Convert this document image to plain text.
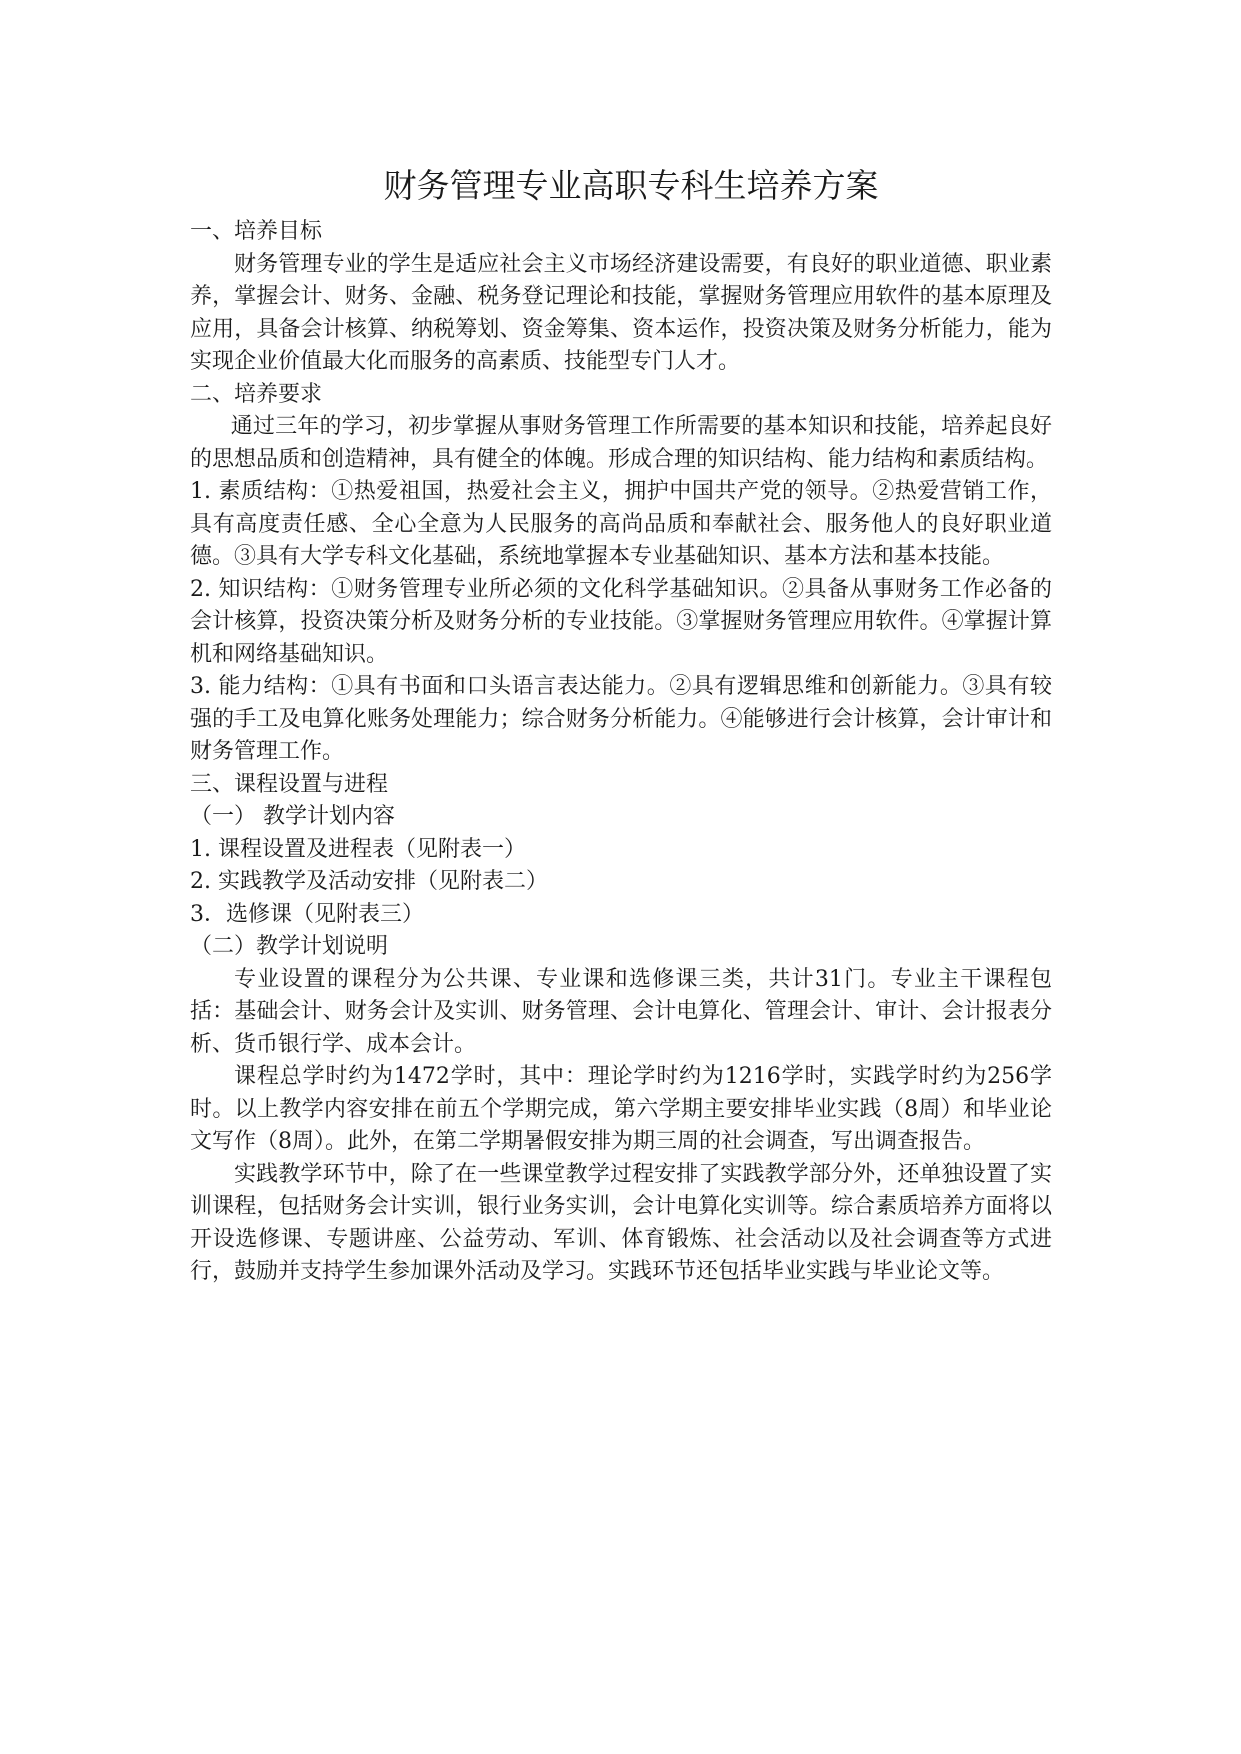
财务管理专业高职专科生培养方案

一、培养目标

财务管理专业的学生是适应社会主义市场经济建设需要，有良好的职业道德、职业素养，掌握会计、财务、金融、税务登记理论和技能，掌握财务管理应用软件的基本原理及应用，具备会计核算、纳税筹划、资金筹集、资本运作，投资决策及财务分析能力，能为实现企业价值最大化而服务的高素质、技能型专门人才。

二、培养要求

通过三年的学习，初步掌握从事财务管理工作所需要的基本知识和技能，培养起良好的思想品质和创造精神，具有健全的体魄。形成合理的知识结构、能力结构和素质结构。

1. 素质结构：①热爱祖国，热爱社会主义，拥护中国共产党的领导。②热爱营销工作，具有高度责任感、全心全意为人民服务的高尚品质和奉献社会、服务他人的良好职业道德。③具有大学专科文化基础，系统地掌握本专业基础知识、基本方法和基本技能。

2. 知识结构：①财务管理专业所必须的文化科学基础知识。②具备从事财务工作必备的会计核算，投资决策分析及财务分析的专业技能。③掌握财务管理应用软件。④掌握计算机和网络基础知识。

3. 能力结构：①具有书面和口头语言表达能力。②具有逻辑思维和创新能力。③具有较强的手工及电算化账务处理能力；综合财务分析能力。④能够进行会计核算，会计审计和财务管理工作。

三、课程设置与进程

（一） 教学计划内容

1. 课程设置及进程表（见附表一）

2. 实践教学及活动安排（见附表二）

3．选修课（见附表三）

（二）教学计划说明

专业设置的课程分为公共课、专业课和选修课三类，共计31门。专业主干课程包括：基础会计、财务会计及实训、财务管理、会计电算化、管理会计、审计、会计报表分析、货币银行学、成本会计。

课程总学时约为1472学时，其中：理论学时约为1216学时，实践学时约为256学时。以上教学内容安排在前五个学期完成，第六学期主要安排毕业实践（8周）和毕业论文写作（8周）。此外，在第二学期暑假安排为期三周的社会调查，写出调查报告。

实践教学环节中，除了在一些课堂教学过程安排了实践教学部分外，还单独设置了实训课程，包括财务会计实训，银行业务实训，会计电算化实训等。综合素质培养方面将以开设选修课、专题讲座、公益劳动、军训、体育锻炼、社会活动以及社会调查等方式进行，鼓励并支持学生参加课外活动及学习。实践环节还包括毕业实践与毕业论文等。
